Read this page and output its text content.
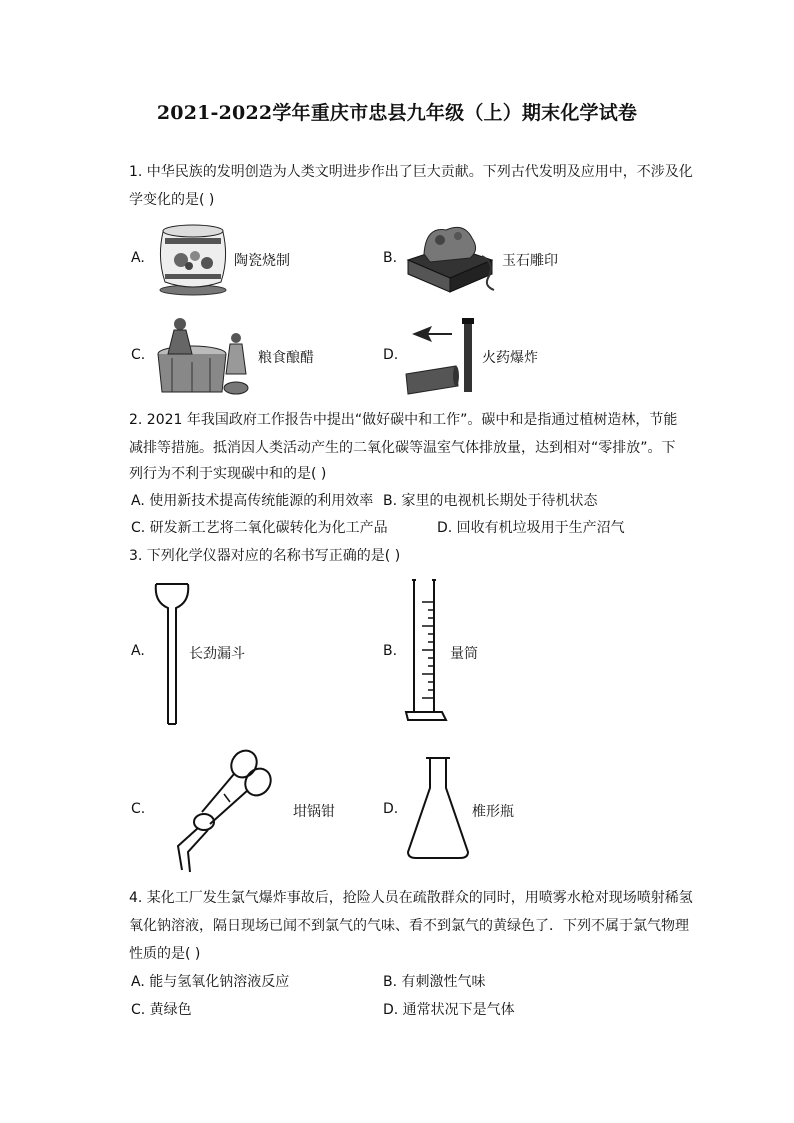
2021-2022学年重庆市忠县九年级（上）期末化学试卷
1. 中华民族的发明创造为人类文明进步作出了巨大贡献。下列古代发明及应用中，不涉及化
学变化的是( )
A.	陶瓷烧制	B.	玉石雕印
C.	粮食酿醋	D.	火药爆炸
2. 2021 年我国政府工作报告中提出“做好碳中和工作”。碳中和是指通过植树造林，节能
减排等措施。抵消因人类活动产生的二氧化碳等温室气体排放量，达到相对“零排放”。下
列行为不利于实现碳中和的是( )
A. 使用新技术提高传统能源的利用效率 B. 家里的电视机长期处于待机状态
C. 研发新工艺将二氧化碳转化为化工产品	D. 回收有机垃圾用于生产沼气
3. 下列化学仪器对应的名称书写正确的是( )
A.	长劲漏斗	B.	量筒
C.	坩锅钳	D.	椎形瓶
4. 某化工厂发生氯气爆炸事故后，抢险人员在疏散群众的同时，用喷雾水枪对现场喷射稀氢
氧化钠溶液，隔日现场已闻不到氯气的气味、看不到氯气的黄绿色了．下列不属于氯气物理
性质的是( )
A. 能与氢氧化钠溶液反应	B. 有刺激性气味
C. 黄绿色	D. 通常状况下是气体
